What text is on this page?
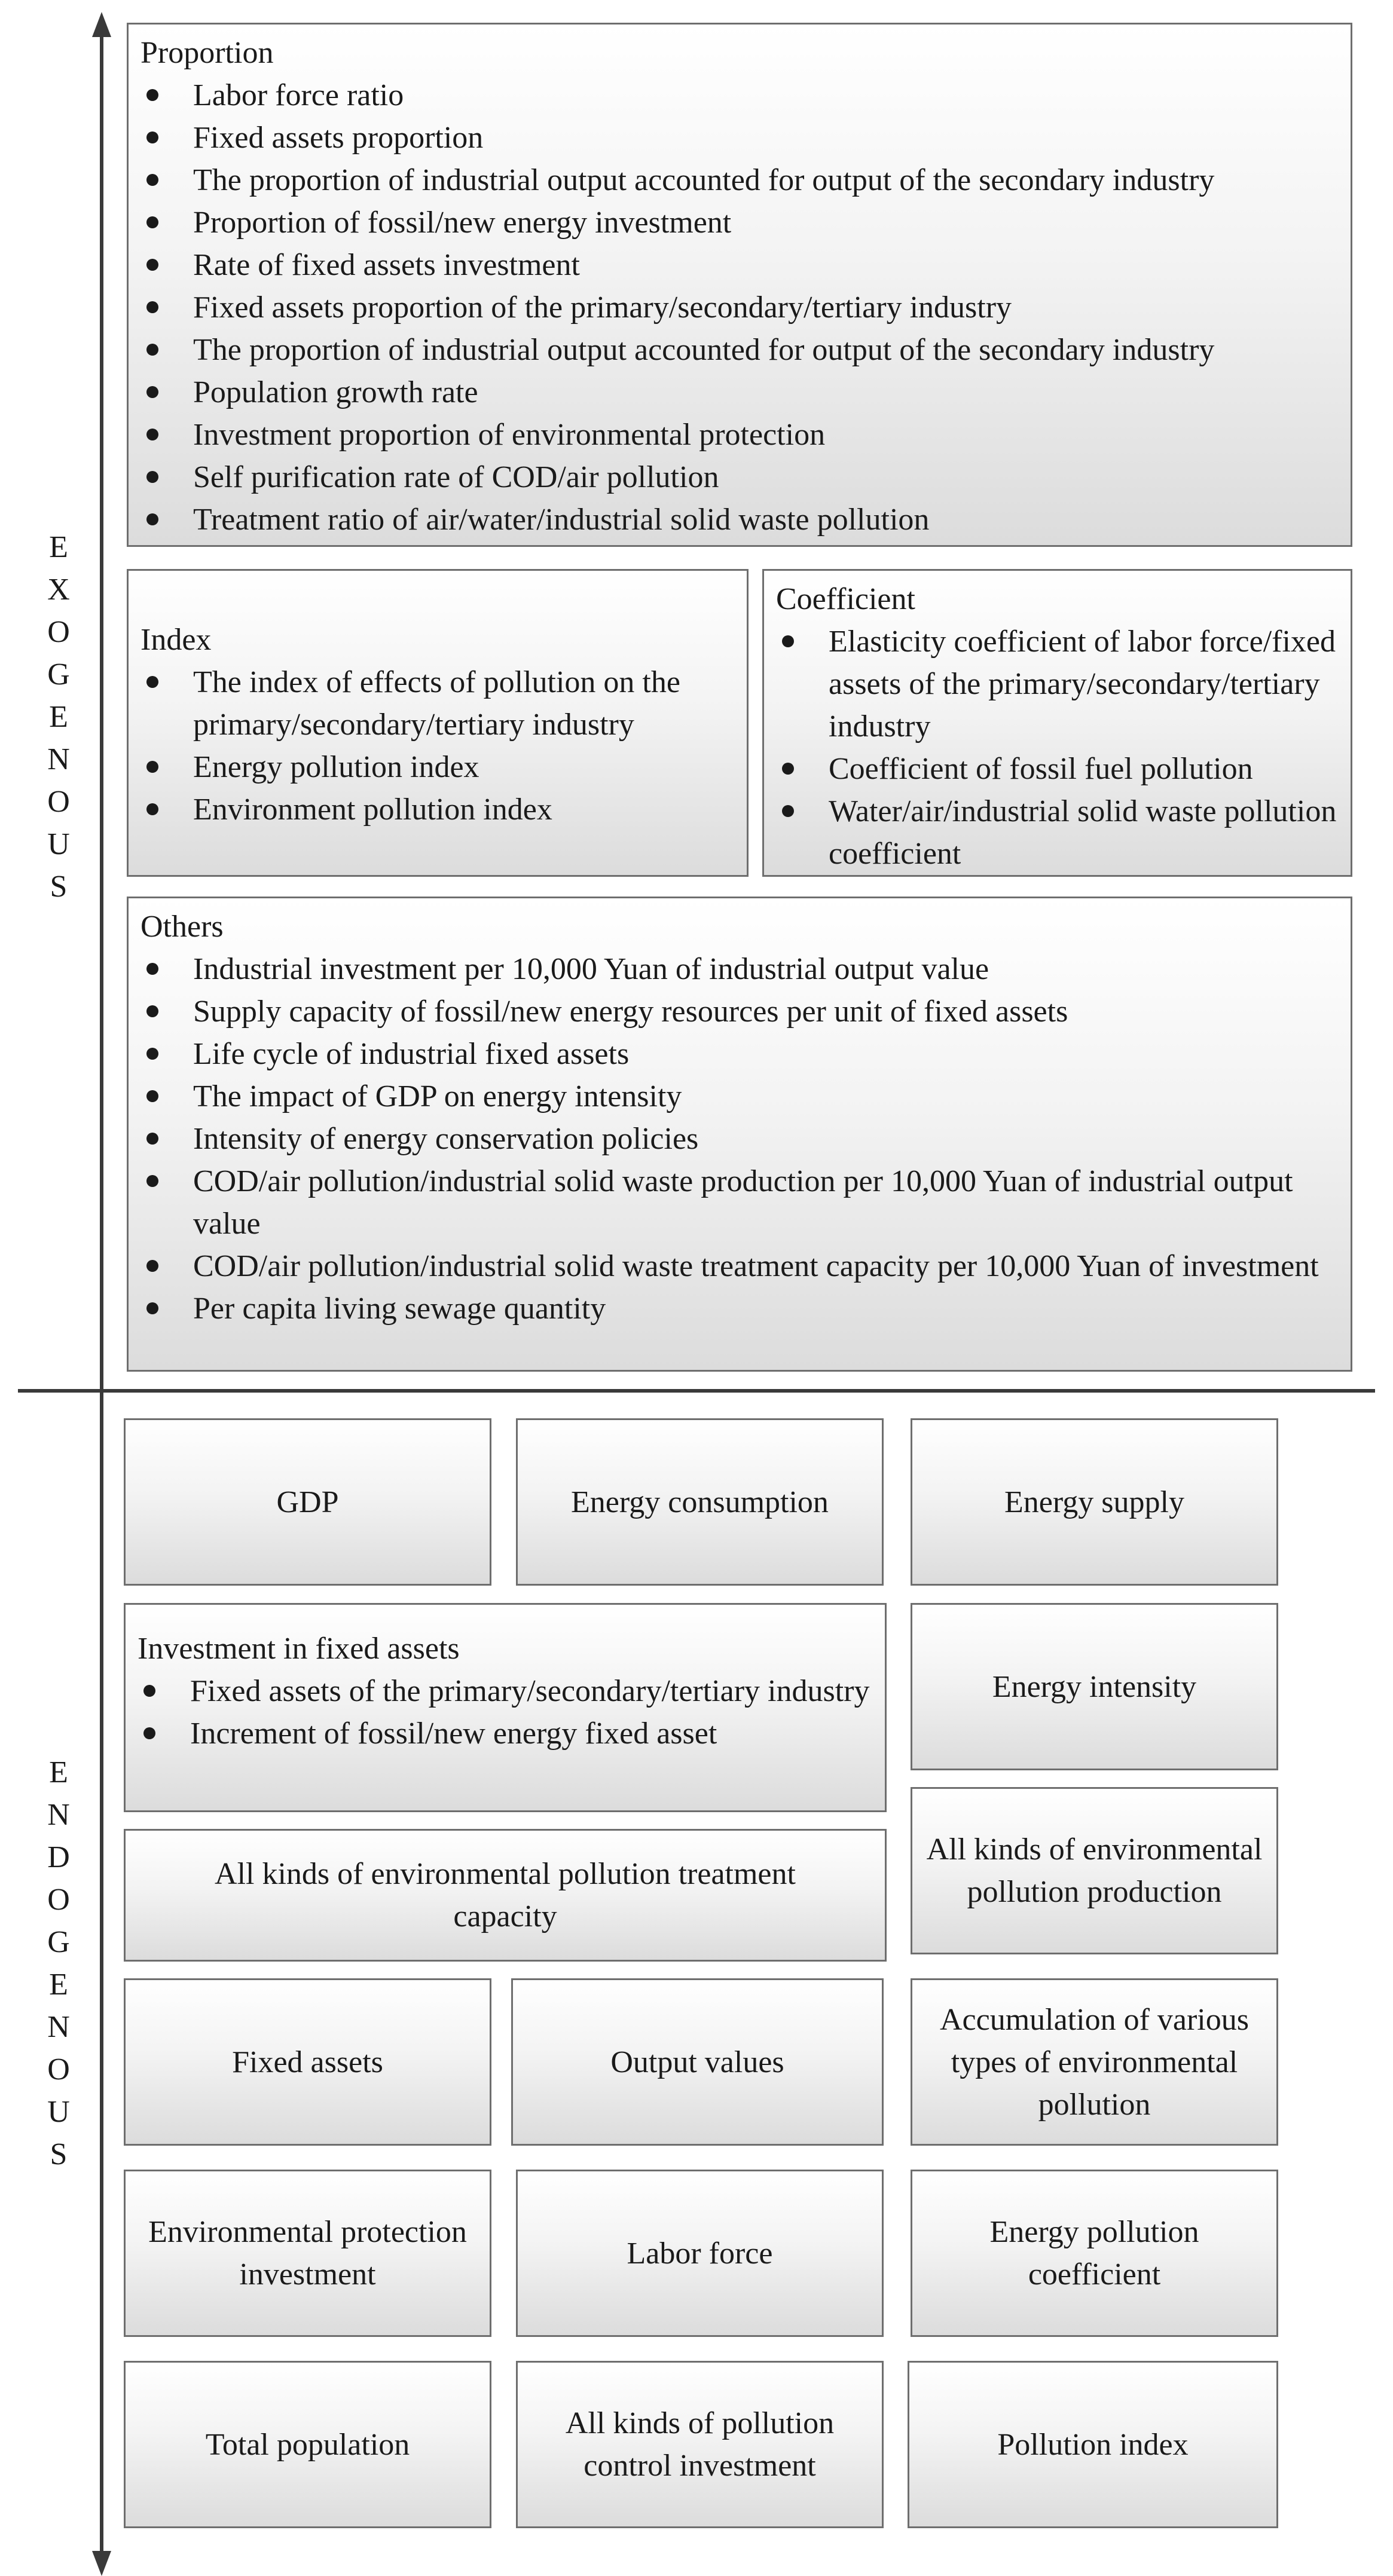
E
X
O
G
E
N
O
U
S
E
N
D
O
G
E
N
O
U
S
Proportion
Labor force ratio
Fixed assets proportion
The proportion of industrial output accounted for output of the secondary industry
Proportion of fossil/new energy investment
Rate of fixed assets investment
Fixed assets proportion of the primary/secondary/tertiary industry
The proportion of industrial output accounted for output of the secondary industry
Population growth rate
Investment proportion of environmental protection
Self purification rate of COD/air pollution
Treatment ratio of air/water/industrial solid waste pollution
Index
The index of effects of pollution on the primary/secondary/tertiary industry
Energy pollution index
Environment pollution index
Coefficient
Elasticity coefficient of labor force/fixed assets of the primary/secondary/tertiary industry
Coefficient of fossil fuel pollution
Water/air/industrial solid waste pollution coefficient
Others
Industrial investment per 10,000 Yuan of industrial output value
Supply capacity of fossil/new energy resources per unit of fixed assets
Life cycle of industrial fixed assets
The impact of GDP on energy intensity
Intensity of energy conservation policies
COD/air pollution/industrial solid waste production per 10,000 Yuan of industrial output value
COD/air pollution/industrial solid waste treatment capacity per 10,000 Yuan of investment
Per capita living sewage quantity
GDP	Energy consumption	Energy supply
Investment in fixed assets
Fixed assets of the primary/secondary/tertiary industry
Increment of fossil/new energy fixed asset
Energy intensity
All kinds of environmental pollution treatment capacity
All kinds of environmental pollution production
Fixed assets	Output values
Accumulation of various types of environmental pollution
Environmental protection investment
Labor force
Energy pollution coefficient
Total population
All kinds of pollution control investment
Pollution index
